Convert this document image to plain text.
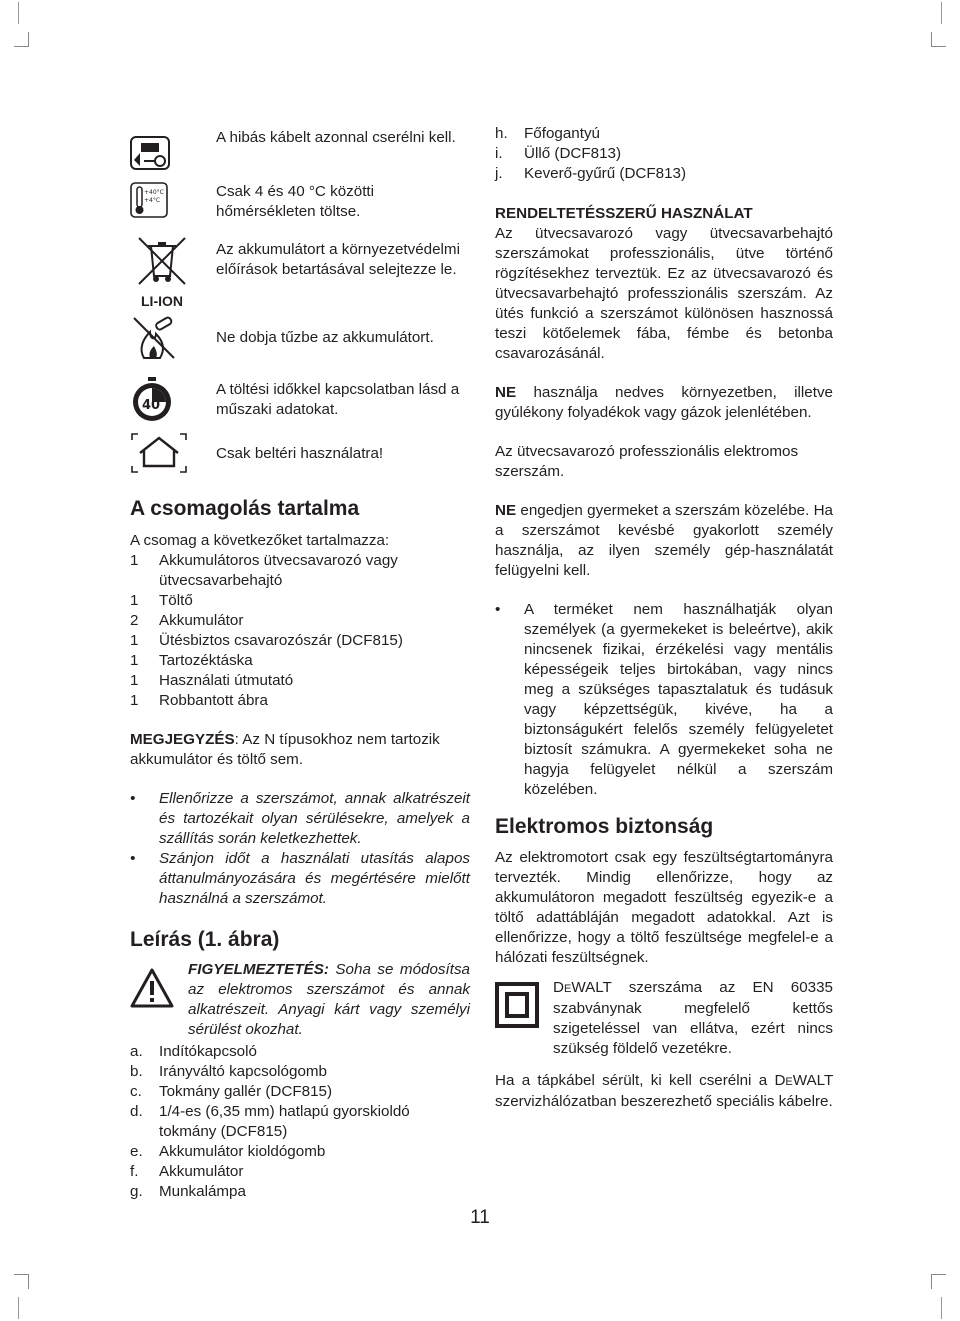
A hibás kábelt azonnal cserélni kell.
+40°C
+4°C
Csak 4 és 40 °C közötti hőmérsékleten töltse.
LI-ION
Az akkumulátort a környezetvédelmi előírások betartásával selejtezze le.
Ne dobja tűzbe az akkumulátort.
40
A töltési időkkel kapcsolatban lásd a műszaki adatokat.
Csak beltéri használatra!
A csomagolás tartalma

A csomag a következőket tartalmazza:

1	Akkumulátoros ütvecsavarozó vagy ütvecsavarbehajtó
1	Töltő
2	Akkumulátor
1	Ütésbiztos csavarozószár (DCF815)
1	Tartozéktáska
1	Használati útmutató
1	Robbantott ábra

MEGJEGYZÉS: Az N típusokhoz nem tartozik akkumulátor és töltő sem.

•	Ellenőrizze a szerszámot, annak alkatrészeit és tartozékait olyan sérülésekre, amelyek a szállítás során keletkezhettek.
•	Szánjon időt a használati utasítás alapos áttanulmányozására és megértésére mielőtt használná a szerszámot.
Leírás (1. ábra)

FIGYELMEZTETÉS: Soha se módosítsa az elektromos szerszámot és annak alkatrészeit. Anyagi kárt vagy személyi sérülést okozhat.

a.	Indítókapcsoló
b.	Irányváltó kapcsológomb
c.	Tokmány gallér (DCF815)
d.	1/4-es (6,35 mm) hatlapú gyorskioldó tokmány (DCF815)
e.	Akkumulátor kioldógomb
f.	Akkumulátor
g.	Munkalámpa
h.	Főfogantyú
i.	Üllő (DCF813)
j.	Keverő-gyűrű (DCF813)
RENDELTETÉSSZERŰ HASZNÁLAT

Az ütvecsavarozó vagy ütvecsavarbehajtó szerszámokat professzionális, ütve történő rögzítésekhez terveztük. Ez az ütvecsavarozó és ütvecsavarbehajtó professzionális szerszám. Az ütés funkció a szerszámot különösen hasznossá teszi kötőelemek fába, fémbe és betonba csavarozásánál.

NE használja nedves környezetben, illetve gyúlékony folyadékok vagy gázok jelenlétében.

Az ütvecsavarozó professzionális elektromos szerszám.

NE engedjen gyermeket a szerszám közelébe. Ha a szerszámot kevésbé gyakorlott személy használja, az ilyen személy gép-használatát felügyelni kell.

•	A terméket nem használhatják olyan személyek (a gyermekeket is beleértve), akik nincsenek fizikai, érzékelési vagy mentális képességeik teljes birtokában, vagy nincs meg a szükséges tapasztalatuk és tudásuk vagy képzettségük, kivéve, ha a biztonságukért felelős személy felügyeletet biztosít számukra. A gyermekeket soha ne hagyja felügyelet nélkül a szerszám közelében.
Elektromos biztonság

Az elektromotort csak egy feszültségtartományra tervezték. Mindig ellenőrizze, hogy az akkumulátoron megadott feszültség egyezik-e a töltő adattábláján megadott adatokkal. Azt is ellenőrizze, hogy a töltő feszültsége megfelel-e a hálózati feszültségnek.

DEWALT szerszáma az EN 60335 szabványnak megfelelő kettős szigeteléssel van ellátva, ezért nincs szükség földelő vezetékre.

Ha a tápkábel sérült, ki kell cserélni a DEWALT szervizhálózatban beszerezhető speciális kábelre.

11
